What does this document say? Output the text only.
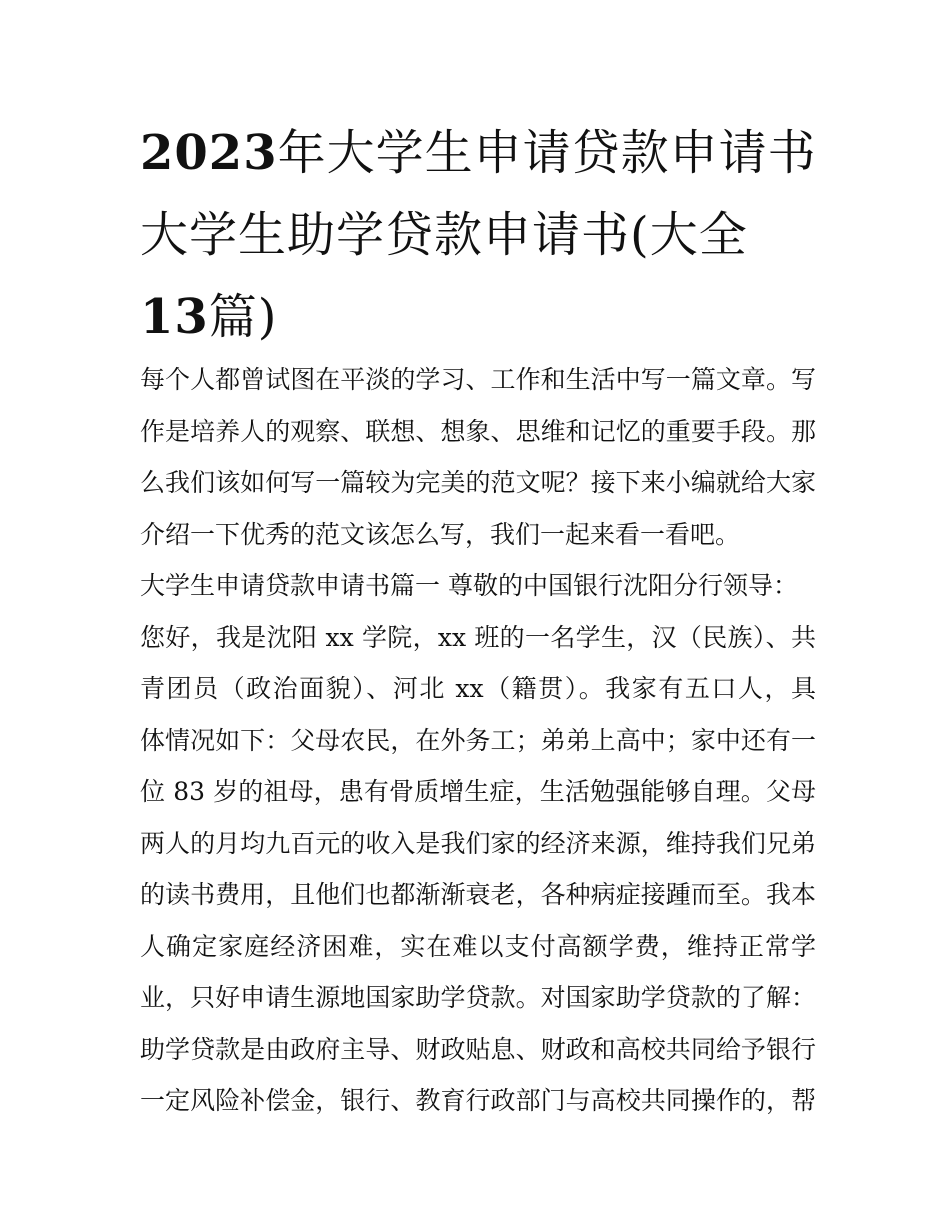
2023年大学生申请贷款申请书
大学生助学贷款申请书(大全
13篇)
每个人都曾试图在平淡的学习、工作和生活中写一篇文章。写
作是培养人的观察、联想、想象、思维和记忆的重要手段。那
么我们该如何写一篇较为完美的范文呢？接下来小编就给大家
介绍一下优秀的范文该怎么写，我们一起来看一看吧。
大学生申请贷款申请书篇一 尊敬的中国银行沈阳分行领导：
您好，我是沈阳 xx 学院，xx 班的一名学生，汉（民族）、共
青团员（政治面貌）、河北 xx（籍贯）。我家有五口人，具
体情况如下：父母农民，在外务工；弟弟上高中；家中还有一
位 83 岁的祖母，患有骨质增生症，生活勉强能够自理。父母
两人的月均九百元的收入是我们家的经济来源，维持我们兄弟
的读书费用，且他们也都渐渐衰老，各种病症接踵而至。我本
人确定家庭经济困难，实在难以支付高额学费，维持正常学
业，只好申请生源地国家助学贷款。对国家助学贷款的了解：
助学贷款是由政府主导、财政贴息、财政和高校共同给予银行
一定风险补偿金，银行、教育行政部门与高校共同操作的，帮
